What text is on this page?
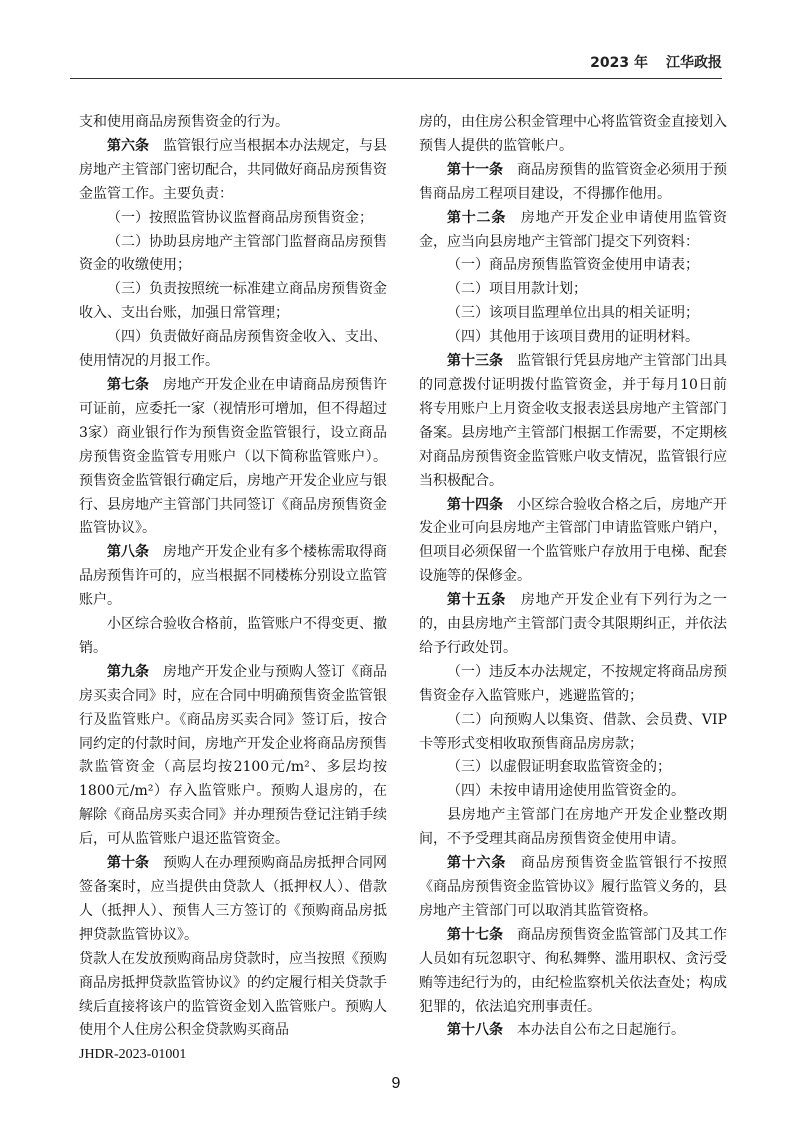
2023 年 江华政报

支和使用商品房预售资金的行为。

第六条　监管银行应当根据本办法规定，与县房地产主管部门密切配合，共同做好商品房预售资金监管工作。主要负责：

（一）按照监管协议监督商品房预售资金；

（二）协助县房地产主管部门监督商品房预售资金的收缴使用；

（三）负责按照统一标准建立商品房预售资金收入、支出台账，加强日常管理；

（四）负责做好商品房预售资金收入、支出、使用情况的月报工作。

第七条　房地产开发企业在申请商品房预售许可证前，应委托一家（视情形可增加，但不得超过3家）商业银行作为预售资金监管银行，设立商品房预售资金监管专用账户（以下简称监管账户）。预售资金监管银行确定后，房地产开发企业应与银行、县房地产主管部门共同签订《商品房预售资金监管协议》。

第八条　房地产开发企业有多个楼栋需取得商品房预售许可的，应当根据不同楼栋分别设立监管账户。

小区综合验收合格前，监管账户不得变更、撤销。

第九条　房地产开发企业与预购人签订《商品房买卖合同》时，应在合同中明确预售资金监管银行及监管账户。《商品房买卖合同》签订后，按合同约定的付款时间，房地产开发企业将商品房预售款监管资金（高层均按2100元/m²、多层均按1800元/m²）存入监管账户。预购人退房的，在解除《商品房买卖合同》并办理预告登记注销手续后，可从监管账户退还监管资金。

第十条　预购人在办理预购商品房抵押合同网签备案时，应当提供由贷款人（抵押权人）、借款人（抵押人）、预售人三方签订的《预购商品房抵押贷款监管协议》。

贷款人在发放预购商品房贷款时，应当按照《预购商品房抵押贷款监管协议》的约定履行相关贷款手续后直接将该户的监管资金划入监管账户。预购人使用个人住房公积金贷款购买商品

JHDR-2023-01001

房的，由住房公积金管理中心将监管资金直接划入预售人提供的监管帐户。

第十一条　商品房预售的监管资金必须用于预售商品房工程项目建设，不得挪作他用。

第十二条　房地产开发企业申请使用监管资金，应当向县房地产主管部门提交下列资料：

（一）商品房预售监管资金使用申请表；

（二）项目用款计划；

（三）该项目监理单位出具的相关证明；

（四）其他用于该项目费用的证明材料。

第十三条　监管银行凭县房地产主管部门出具的同意拨付证明拨付监管资金，并于每月10日前将专用账户上月资金收支报表送县房地产主管部门备案。县房地产主管部门根据工作需要，不定期核对商品房预售资金监管账户收支情况，监管银行应当积极配合。

第十四条　小区综合验收合格之后，房地产开发企业可向县房地产主管部门申请监管账户销户，但项目必须保留一个监管账户存放用于电梯、配套设施等的保修金。

第十五条　房地产开发企业有下列行为之一的，由县房地产主管部门责令其限期纠正，并依法给予行政处罚。

（一）违反本办法规定，不按规定将商品房预售资金存入监管账户，逃避监管的；

（二）向预购人以集资、借款、会员费、VIP卡等形式变相收取预售商品房房款；

（三）以虚假证明套取监管资金的；

（四）未按申请用途使用监管资金的。

县房地产主管部门在房地产开发企业整改期间，不予受理其商品房预售资金使用申请。

第十六条　商品房预售资金监管银行不按照《商品房预售资金监管协议》履行监管义务的，县房地产主管部门可以取消其监管资格。

第十七条　商品房预售资金监管部门及其工作人员如有玩忽职守、徇私舞弊、滥用职权、贪污受贿等违纪行为的，由纪检监察机关依法查处；构成犯罪的，依法追究刑事责任。

第十八条　本办法自公布之日起施行。

9
